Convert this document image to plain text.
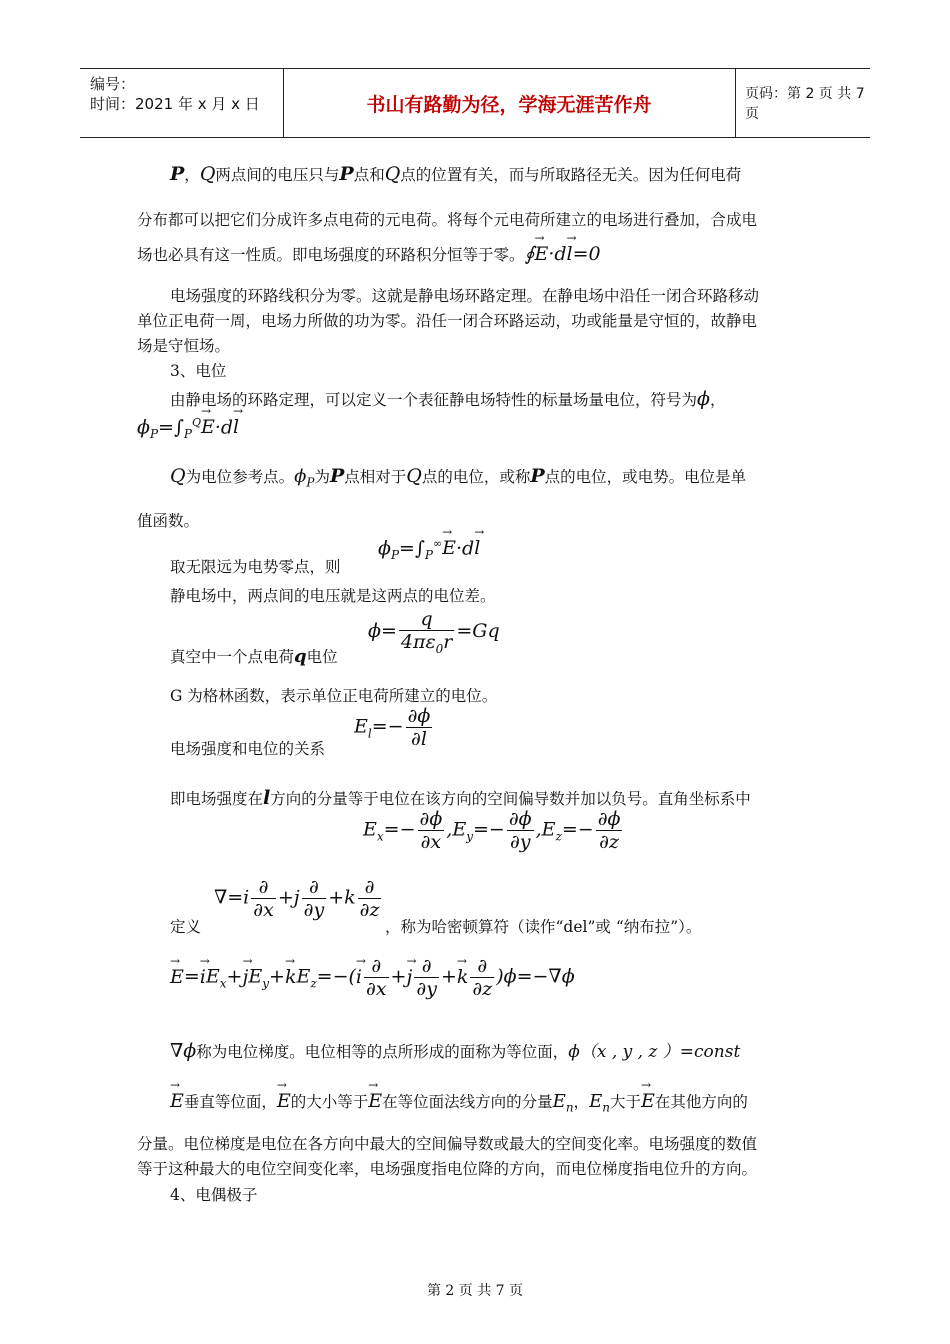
编号：
时间：2021 年 x 月 x 日	书山有路勤为径，学海无涯苦作舟	页码：第 2 页 共 7 页
P，Q两点间的电压只与P点和Q点的位置有关，而与所取路径无关。因为任何电荷
分布都可以把它们分成许多点电荷的元电荷。将每个元电荷所建立的电场进行叠加，合成电
场也必具有这一性质。即电场强度的环路积分恒等于零。∮→ E·d→ l=0
电场强度的环路线积分为零。这就是静电场环路定理。在静电场中沿任一闭合环路移动
单位正电荷一周，电场力所做的功为零。沿任一闭合环路运动，功或能量是守恒的，故静电
场是守恒场。
3、电位
由静电场的环路定理，可以定义一个表征静电场特性的标量场量电位，符号为ϕ，
$\phi_P=\int_P^Q\to E\cdot d\to l$
Q为电位参考点。$\phi_P$为P点相对于Q点的电位，或称P点的电位，或电势。电位是单
值函数。
取无限远为电势零点，则
$\phi_P=\int_P^\infty\to E\cdot d\to l$
静电场中，两点间的电压就是这两点的电位差。
真空中一个点电荷q电位
$\phi= \frac{q}{4\pi\varepsilon_0r} =Gq$
G 为格林函数，表示单位正电荷所建立的电位。
电场强度和电位的关系
$E_l=- \frac{\partial\phi}{\partial l}$
即电场强度在l方向的分量等于电位在该方向的空间偏导数并加以负号。直角坐标系中
$E_x=- \frac{\partial\phi}{\partial x} ,E_y=- \frac{\partial\phi}{\partial y} ,E_z=- \frac{\partial\phi}{\partial z}$
定义
$\nabla=i \frac{\partial}{\partial x} +j \frac{\partial}{\partial y} +k \frac{\partial}{\partial z}$
，称为哈密顿算符（读作“del”或 “纳布拉”）。
→ $E=\to iE_x+\to jE_y+\to kE_z=-(\to i \frac{\partial}{\partial x} +\to j \frac{\partial}{\partial y} +\to k \frac{\partial}{\partial z} )\phi=-\nabla\phi$
∇ϕ称为电位梯度。电位相等的点所形成的面称为等位面，ϕ（x , y , z ）=const
→ E垂直等位面，→ E的大小等于→ E在等位面法线方向的分量$E_n$，$E_n$大于→ E在其他方向的
分量。电位梯度是电位在各方向中最大的空间偏导数或最大的空间变化率。电场强度的数值
等于这种最大的电位空间变化率，电场强度指电位降的方向，而电位梯度指电位升的方向。
4、电偶极子
第 2 页 共 7 页
